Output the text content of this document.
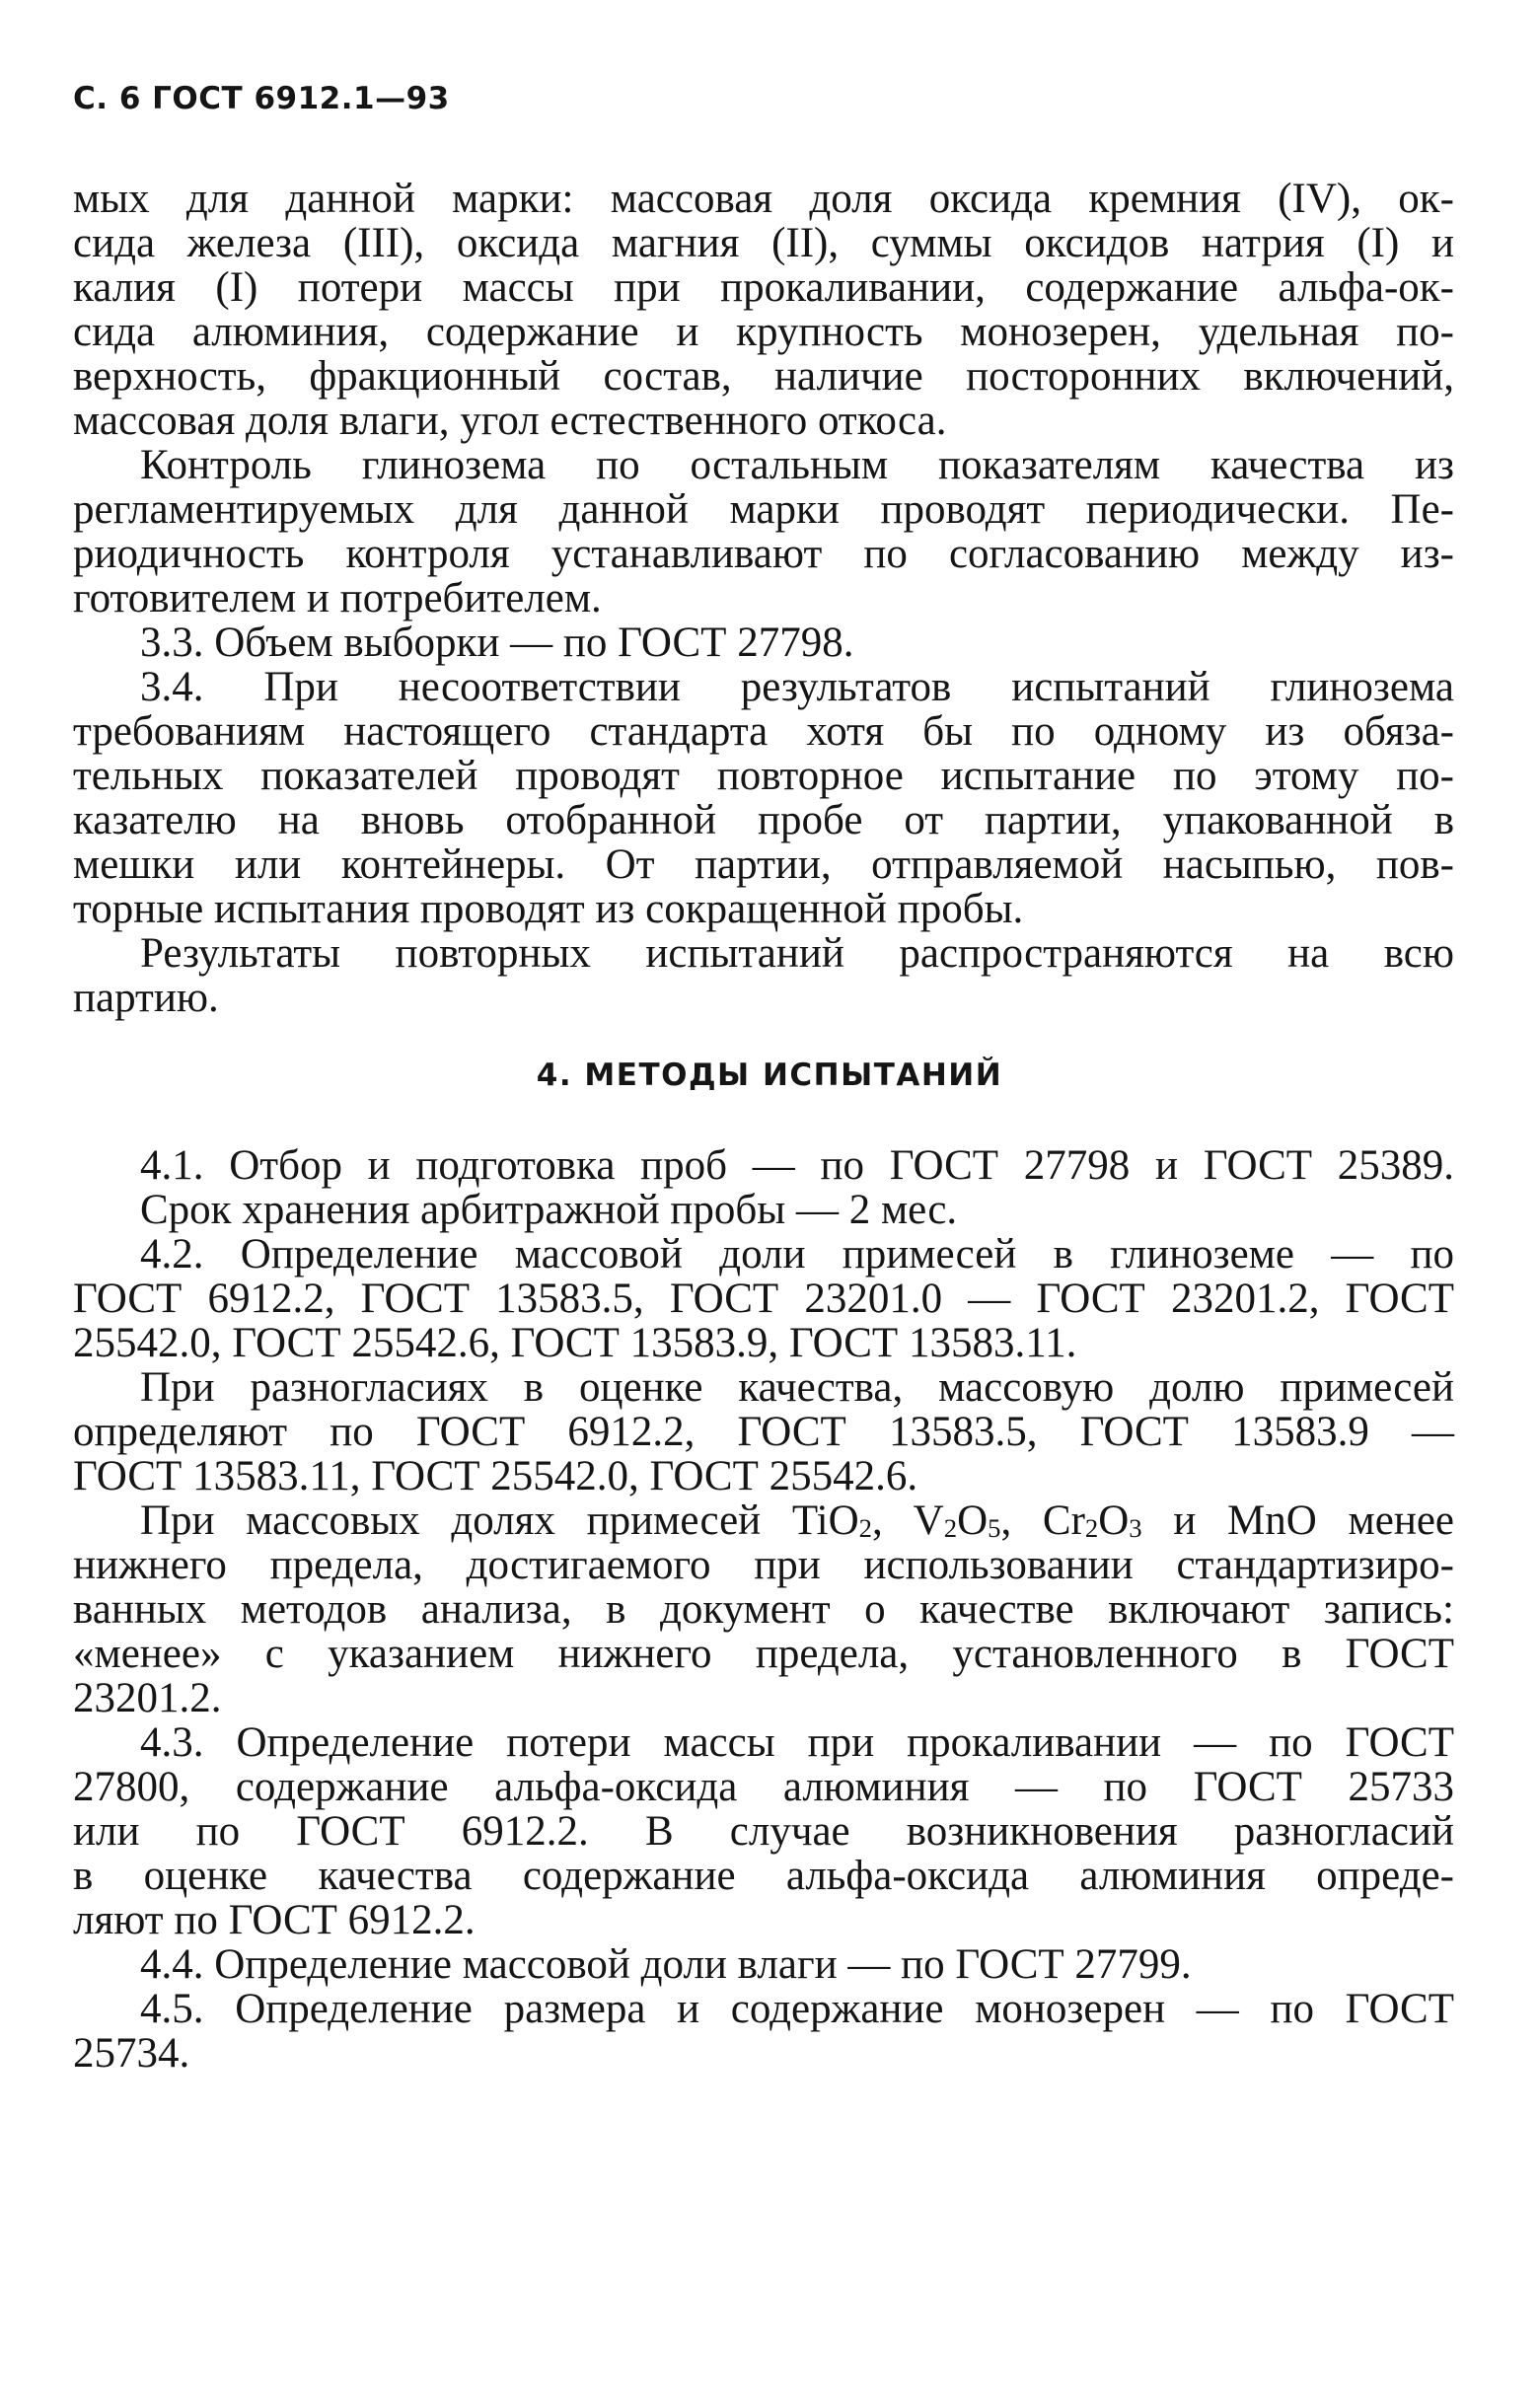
С. 6 ГОСТ 6912.1—93
мых для данной марки: массовая доля оксида кремния (IV), ок-
сида железа (III), оксида магния (II), суммы оксидов натрия (I) и
калия (I) потери массы при прокаливании, содержание альфа-ок-
сида алюминия, содержание и крупность монозерен, удельная по-
верхность, фракционный состав, наличие посторонних включений,
массовая доля влаги, угол естественного откоса.
Контроль глинозема по остальным показателям качества из
регламентируемых для данной марки проводят периодически. Пе-
риодичность контроля устанавливают по согласованию между из-
готовителем и потребителем.
3.3. Объем выборки — по ГОСТ 27798.
3.4. При несоответствии результатов испытаний глинозема
требованиям настоящего стандарта хотя бы по одному из обяза-
тельных показателей проводят повторное испытание по этому по-
казателю на вновь отобранной пробе от партии, упакованной в
мешки или контейнеры. От партии, отправляемой насыпью, пов-
торные испытания проводят из сокращенной пробы.
Результаты повторных испытаний распространяются на всю
партию.
4. МЕТОДЫ ИСПЫТАНИЙ
4.1. Отбор и подготовка проб — по ГОСТ 27798 и ГОСТ 25389.
Срок хранения арбитражной пробы — 2 мес.
4.2. Определение массовой доли примесей в глиноземе — по
ГОСТ 6912.2, ГОСТ 13583.5, ГОСТ 23201.0 — ГОСТ 23201.2, ГОСТ
25542.0, ГОСТ 25542.6, ГОСТ 13583.9, ГОСТ 13583.11.
При разногласиях в оценке качества, массовую долю примесей
определяют по ГОСТ 6912.2, ГОСТ 13583.5, ГОСТ 13583.9 —
ГОСТ 13583.11, ГОСТ 25542.0, ГОСТ 25542.6.
При массовых долях примесей TiO$_2$, $V_2O_5$, $Cr_2O_3$ и MnO менее
нижнего предела, достигаемого при использовании стандартизиро-
ванных методов анализа, в документ о качестве включают запись:
«менее» с указанием нижнего предела, установленного в ГОСТ
23201.2.
4.3. Определение потери массы при прокаливании — по ГОСТ
27800, содержание альфа-оксида алюминия — по ГОСТ 25733
или по ГОСТ 6912.2. В случае возникновения разногласий
в оценке качества содержание альфа-оксида алюминия опреде-
ляют по ГОСТ 6912.2.
4.4. Определение массовой доли влаги — по ГОСТ 27799.
4.5. Определение размера и содержание монозерен — по ГОСТ
25734.
